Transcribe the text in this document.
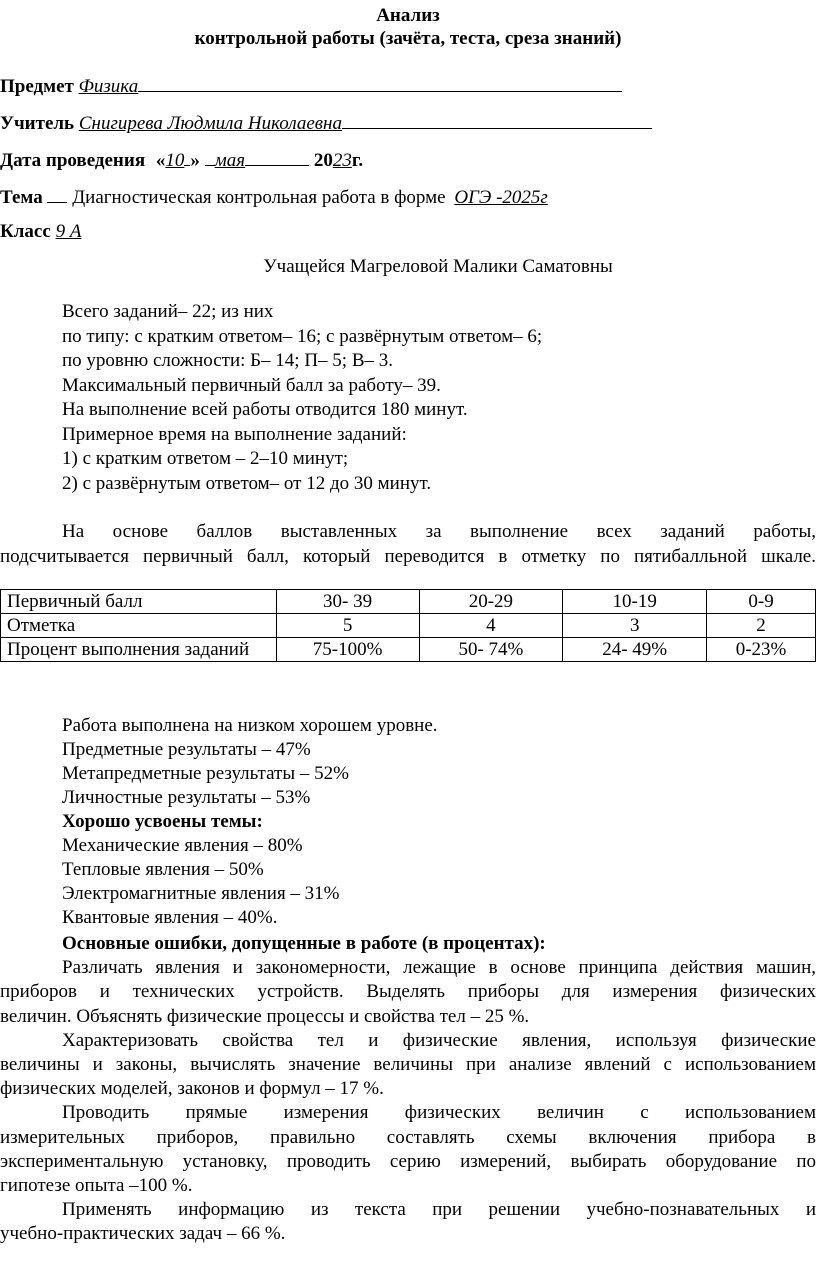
Анализ
контрольной работы (зачёта, теста, среза знаний)
Предмет Физика
Учитель Снигирева Людмила Николаевна
Дата проведения «10 » мая	2023г.
Тема Диагностическая контрольная работа в форме ОГЭ -2025г
Класс 9 А
Учащейся Магреловой Малики Саматовны
Всего заданий– 22; из них
по типу: с кратким ответом– 16; с развёрнутым ответом– 6;
по уровню сложности: Б– 14; П– 5; В– 3.
Максимальный первичный балл за работу– 39.
На выполнение всей работы отводится 180 минут.
Примерное время на выполнение заданий:
1) с кратким ответом – 2–10 минут;
2) с развёрнутым ответом– от 12 до 30 минут.
На основе баллов выставленных за выполнение всех заданий работы,
подсчитывается первичный балл, который переводится в отметку по пятибалльной шкале.
Первичный балл	30- 39	20-29	10-19	0-9
Отметка	5	4	3	2
Процент выполнения заданий	75-100%	50- 74%	24- 49%	0-23%
Работа выполнена на низком хорошем уровне.
Предметные результаты – 47%
Метапредметные результаты – 52%
Личностные результаты – 53%
Хорошо усвоены темы:
Механические явления – 80%
Тепловые явления – 50%
Электромагнитные явления – 31%
Квантовые явления – 40%.
Основные ошибки, допущенные в работе (в процентах):
Различать явления и закономерности, лежащие в основе принципа действия машин,
приборов и технических устройств. Выделять приборы для измерения физических
величин. Объяснять физические процессы и свойства тел – 25 %.
Характеризовать свойства тел и физические явления, используя физические
величины и законы, вычислять значение величины при анализе явлений с использованием
физических моделей, законов и формул – 17 %.
Проводить прямые измерения физических величин с использованием
измерительных приборов, правильно составлять схемы включения прибора в
экспериментальную установку, проводить серию измерений, выбирать оборудование по
гипотезе опыта –100 %.
Применять информацию из текста при решении учебно-познавательных и
учебно-практических задач – 66 %.
